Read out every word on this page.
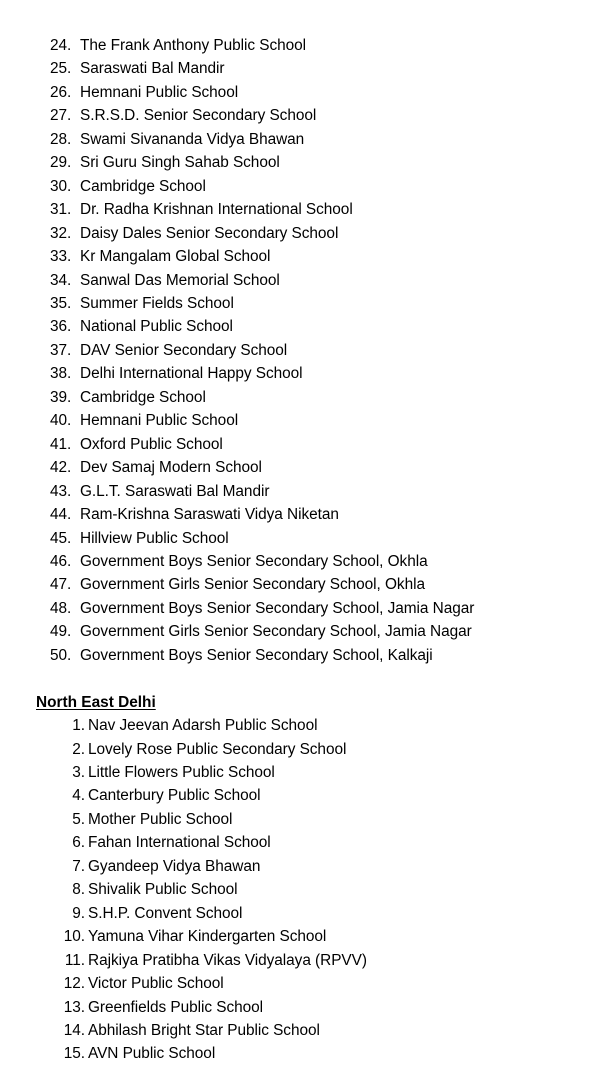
24. The Frank Anthony Public School
25. Saraswati Bal Mandir
26. Hemnani Public School
27. S.R.S.D. Senior Secondary School
28. Swami Sivananda Vidya Bhawan
29. Sri Guru Singh Sahab School
30. Cambridge School
31. Dr. Radha Krishnan International School
32. Daisy Dales Senior Secondary School
33. Kr Mangalam Global School
34. Sanwal Das Memorial School
35. Summer Fields School
36. National Public School
37. DAV Senior Secondary School
38. Delhi International Happy School
39. Cambridge School
40. Hemnani Public School
41. Oxford Public School
42. Dev Samaj Modern School
43. G.L.T. Saraswati Bal Mandir
44. Ram-Krishna Saraswati Vidya Niketan
45. Hillview Public School
46. Government Boys Senior Secondary School, Okhla
47. Government Girls Senior Secondary School, Okhla
48. Government Boys Senior Secondary School, Jamia Nagar
49. Government Girls Senior Secondary School, Jamia Nagar
50. Government Boys Senior Secondary School, Kalkaji
North East Delhi
1. Nav Jeevan Adarsh Public School
2. Lovely Rose Public Secondary School
3. Little Flowers Public School
4. Canterbury Public School
5. Mother Public School
6. Fahan International School
7. Gyandeep Vidya Bhawan
8. Shivalik Public School
9. S.H.P. Convent School
10. Yamuna Vihar Kindergarten School
11. Rajkiya Pratibha Vikas Vidyalaya (RPVV)
12. Victor Public School
13. Greenfields Public School
14. Abhilash Bright Star Public School
15. AVN Public School
